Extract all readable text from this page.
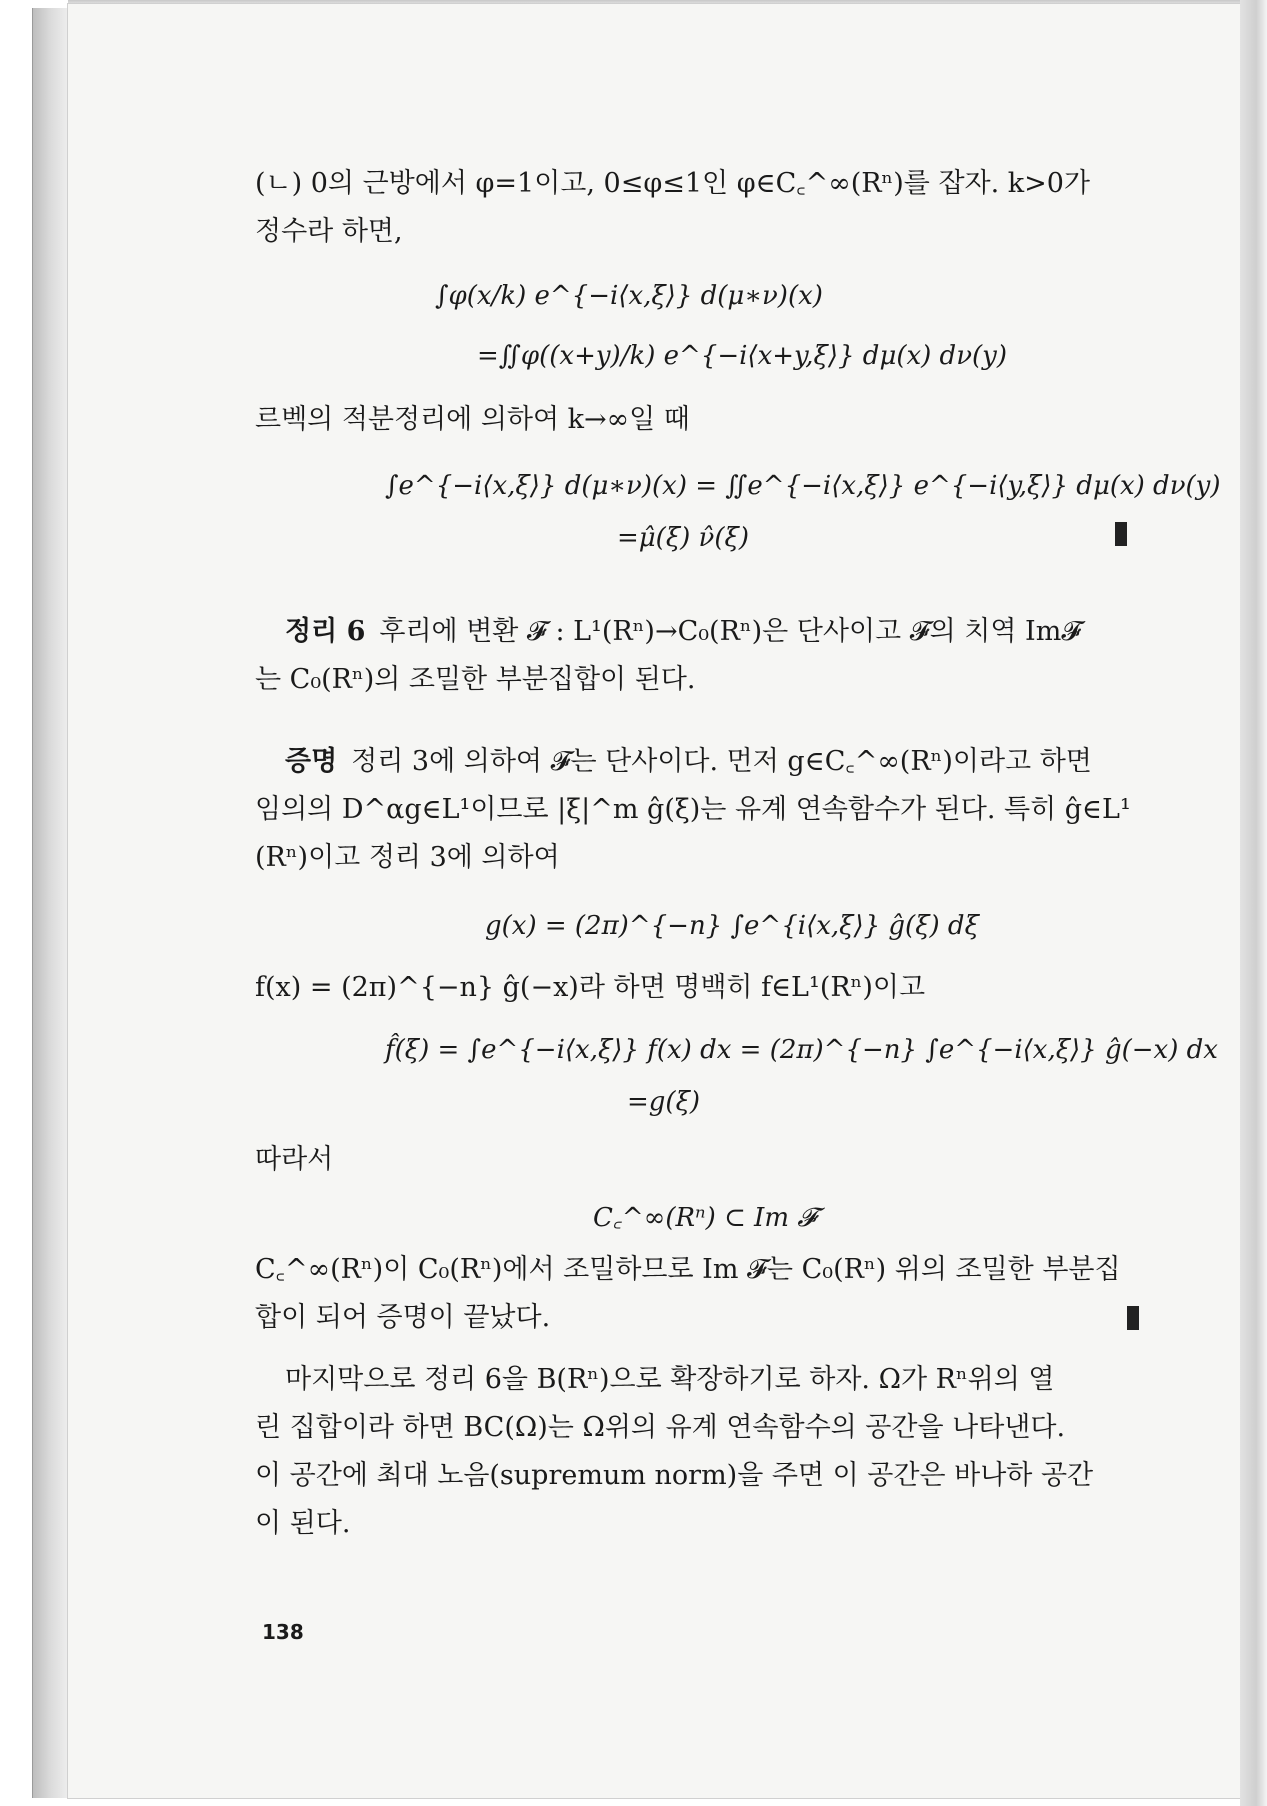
(ㄴ) 0의 근방에서 φ=1이고, 0≤φ≤1인 φ∈C꜀^∞(Rⁿ)를 잡자. k>0가

정수라 하면,

∫φ(x/k) e^{−i⟨x,ξ⟩} d(μ∗ν)(x)
=∬φ((x+y)/k) e^{−i⟨x+y,ξ⟩} dμ(x) dν(y)

르벡의 적분정리에 의하여 k→∞일 때

∫e^{−i⟨x,ξ⟩} d(μ∗ν)(x) = ∬e^{−i⟨x,ξ⟩} e^{−i⟨y,ξ⟩} dμ(x) dν(y)
=μ̂(ξ) ν̂(ξ)

정리 6 후리에 변환 𝓕 : L¹(Rⁿ)→C₀(Rⁿ)은 단사이고 𝓕의 치역 Im𝓕

는 C₀(Rⁿ)의 조밀한 부분집합이 된다.

증명 정리 3에 의하여 𝓕는 단사이다. 먼저 g∈C꜀^∞(Rⁿ)이라고 하면

임의의 D^αg∈L¹이므로 |ξ|^m ĝ(ξ)는 유계 연속함수가 된다. 특히 ĝ∈L¹

(Rⁿ)이고 정리 3에 의하여

g(x) = (2π)^{−n} ∫e^{i⟨x,ξ⟩} ĝ(ξ) dξ

f(x) = (2π)^{−n} ĝ(−x)라 하면 명백히 f∈L¹(Rⁿ)이고

f̂(ξ) = ∫e^{−i⟨x,ξ⟩} f(x) dx = (2π)^{−n} ∫e^{−i⟨x,ξ⟩} ĝ(−x) dx
=g(ξ)

따라서

C꜀^∞(Rⁿ) ⊂ Im 𝓕

C꜀^∞(Rⁿ)이 C₀(Rⁿ)에서 조밀하므로 Im 𝓕는 C₀(Rⁿ) 위의 조밀한 부분집

합이 되어 증명이 끝났다.

마지막으로 정리 6을 B(Rⁿ)으로 확장하기로 하자. Ω가 Rⁿ위의 열

린 집합이라 하면 BC(Ω)는 Ω위의 유계 연속함수의 공간을 나타낸다.

이 공간에 최대 노음(supremum norm)을 주면 이 공간은 바나하 공간

이 된다.

138
